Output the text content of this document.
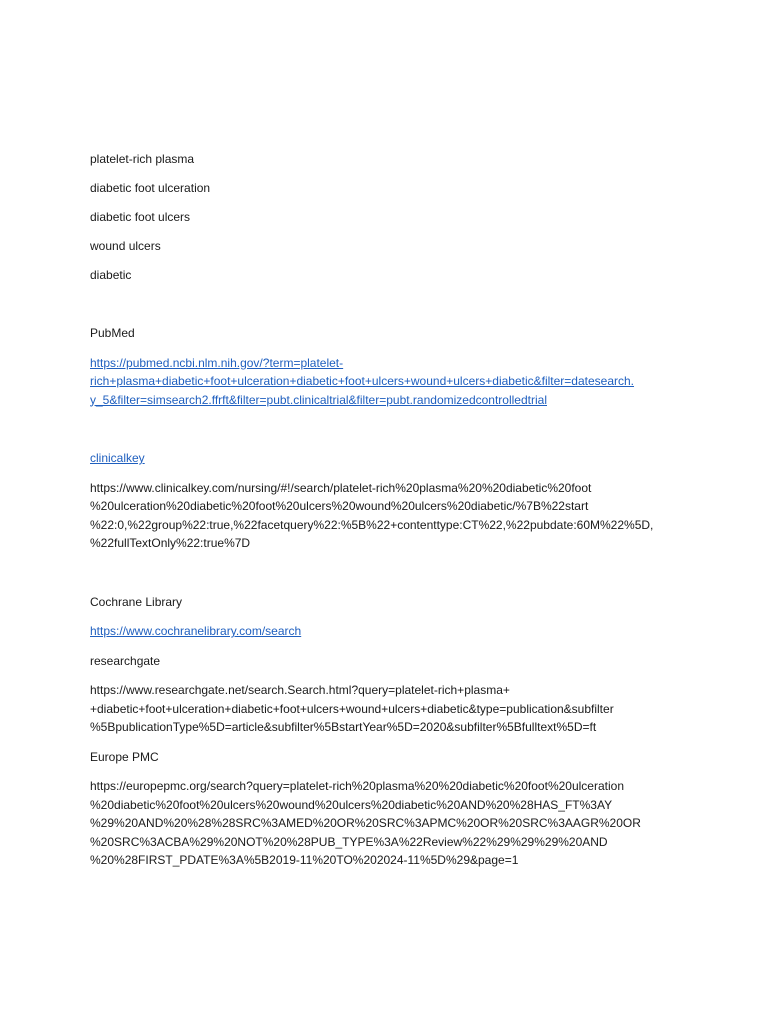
platelet-rich plasma

diabetic foot ulceration

diabetic foot ulcers

wound ulcers

diabetic

PubMed

https://pubmed.ncbi.nlm.nih.gov/?term=platelet-
rich+plasma+diabetic+foot+ulceration+diabetic+foot+ulcers+wound+ulcers+diabetic&filter=datesearch.
y_5&filter=simsearch2.ffrft&filter=pubt.clinicaltrial&filter=pubt.randomizedcontrolledtrial

clinicalkey

https://www.clinicalkey.com/nursing/#!/search/platelet-rich%20plasma%20%20diabetic%20foot
%20ulceration%20diabetic%20foot%20ulcers%20wound%20ulcers%20diabetic/%7B%22start
%22:0,%22group%22:true,%22facetquery%22:%5B%22+contenttype:CT%22,%22pubdate:60M%22%5D,
%22fullTextOnly%22:true%7D

Cochrane Library

https://www.cochranelibrary.com/search

researchgate

https://www.researchgate.net/search.Search.html?query=platelet-rich+plasma+
+diabetic+foot+ulceration+diabetic+foot+ulcers+wound+ulcers+diabetic&type=publication&subfilter
%5BpublicationType%5D=article&subfilter%5BstartYear%5D=2020&subfilter%5Bfulltext%5D=ft

Europe PMC

https://europepmc.org/search?query=platelet-rich%20plasma%20%20diabetic%20foot%20ulceration
%20diabetic%20foot%20ulcers%20wound%20ulcers%20diabetic%20AND%20%28HAS_FT%3AY
%29%20AND%20%28%28SRC%3AMED%20OR%20SRC%3APMC%20OR%20SRC%3AAGR%20OR
%20SRC%3ACBA%29%20NOT%20%28PUB_TYPE%3A%22Review%22%29%29%29%20AND
%20%28FIRST_PDATE%3A%5B2019-11%20TO%202024-11%5D%29&page=1
